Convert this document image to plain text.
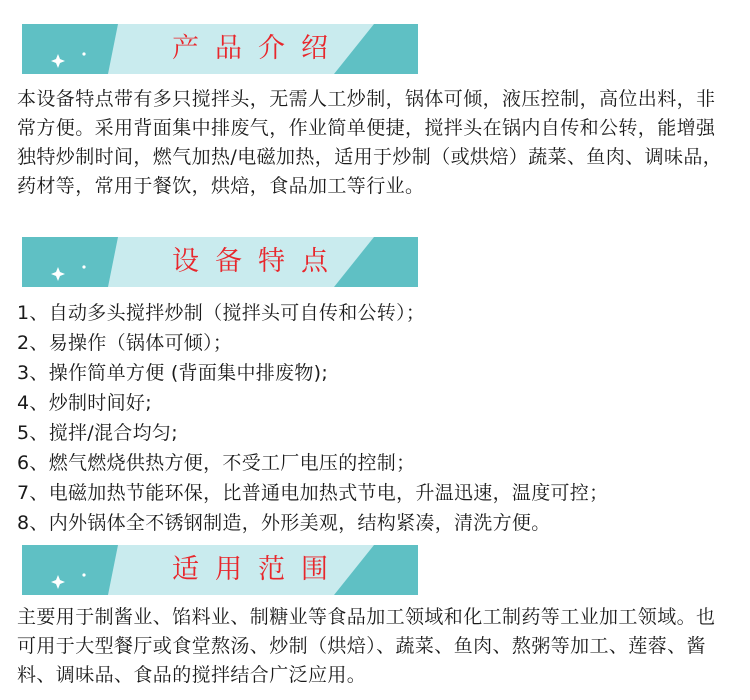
产品介绍

本设备特点带有多只搅拌头，无需人工炒制，锅体可倾，液压控制，高位出料，非常方便。采用背面集中排废气，作业简单便捷，搅拌头在锅内自传和公转，能增强独特炒制时间，燃气加热/电磁加热，适用于炒制（或烘焙）蔬菜、鱼肉、调味品，药材等，常用于餐饮，烘焙，食品加工等行业。

设备特点
1、自动多头搅拌炒制（搅拌头可自传和公转）；
2、易操作（锅体可倾）；
3、操作简单方便 (背面集中排废物);
4、炒制时间好;
5、搅拌/混合均匀;
6、燃气燃烧供热方便，不受工厂电压的控制；
7、电磁加热节能环保，比普通电加热式节电，升温迅速，温度可控；
8、内外锅体全不锈钢制造，外形美观，结构紧凑，清洗方便。
适用范围

主要用于制酱业、馅料业、制糖业等食品加工领域和化工制药等工业加工领域。也可用于大型餐厅或食堂熬汤、炒制（烘焙）、蔬菜、鱼肉、熬粥等加工、莲蓉、酱料、调味品、食品的搅拌结合广泛应用。
